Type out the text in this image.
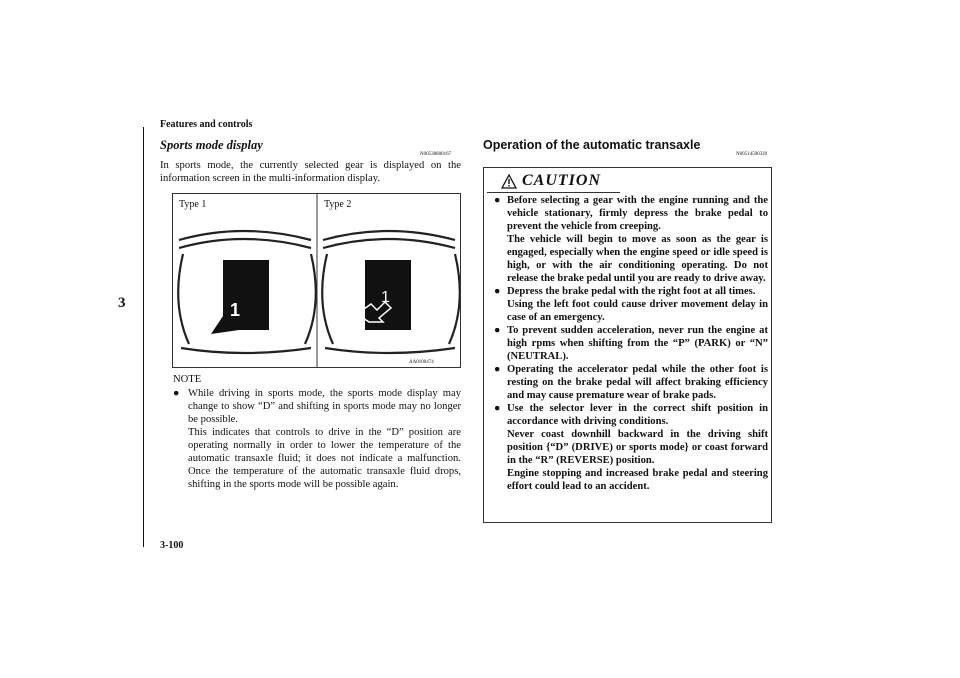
Features and controls
3
3-100
Sports mode display
N00538800167
In sports mode, the currently selected gear is displayed on the information screen in the multi-information display.
Type 1	Type 2
1
1
AA0100474
NOTE
● While driving in sports mode, the sports mode display may change to show “D” and shifting in sports mode may no longer be possible.
This indicates that controls to drive in the “D” position are operating normally in order to lower the temperature of the automatic transaxle fluid; it does not indicate a malfunction. Once the temperature of the automatic transaxle fluid drops, shifting in the sports mode will be possible again.
Operation of the automatic transaxle
N00514500320
CAUTION
● Before selecting a gear with the engine running and the vehicle stationary, firmly depress the brake pedal to prevent the vehicle from creeping.
The vehicle will begin to move as soon as the gear is engaged, especially when the engine speed or idle speed is high, or with the air conditioning operating. Do not release the brake pedal until you are ready to drive away.
● Depress the brake pedal with the right foot at all times.
Using the left foot could cause driver movement delay in case of an emergency.
● To prevent sudden acceleration, never run the engine at high rpms when shifting from the “P” (PARK) or “N” (NEUTRAL).
● Operating the accelerator pedal while the other foot is resting on the brake pedal will affect braking efficiency and may cause premature wear of brake pads.
● Use the selector lever in the correct shift position in accordance with driving conditions.
Never coast downhill backward in the driving shift position {“D” (DRIVE) or sports mode} or coast forward in the “R” (REVERSE) position.
Engine stopping and increased brake pedal and steering effort could lead to an accident.
